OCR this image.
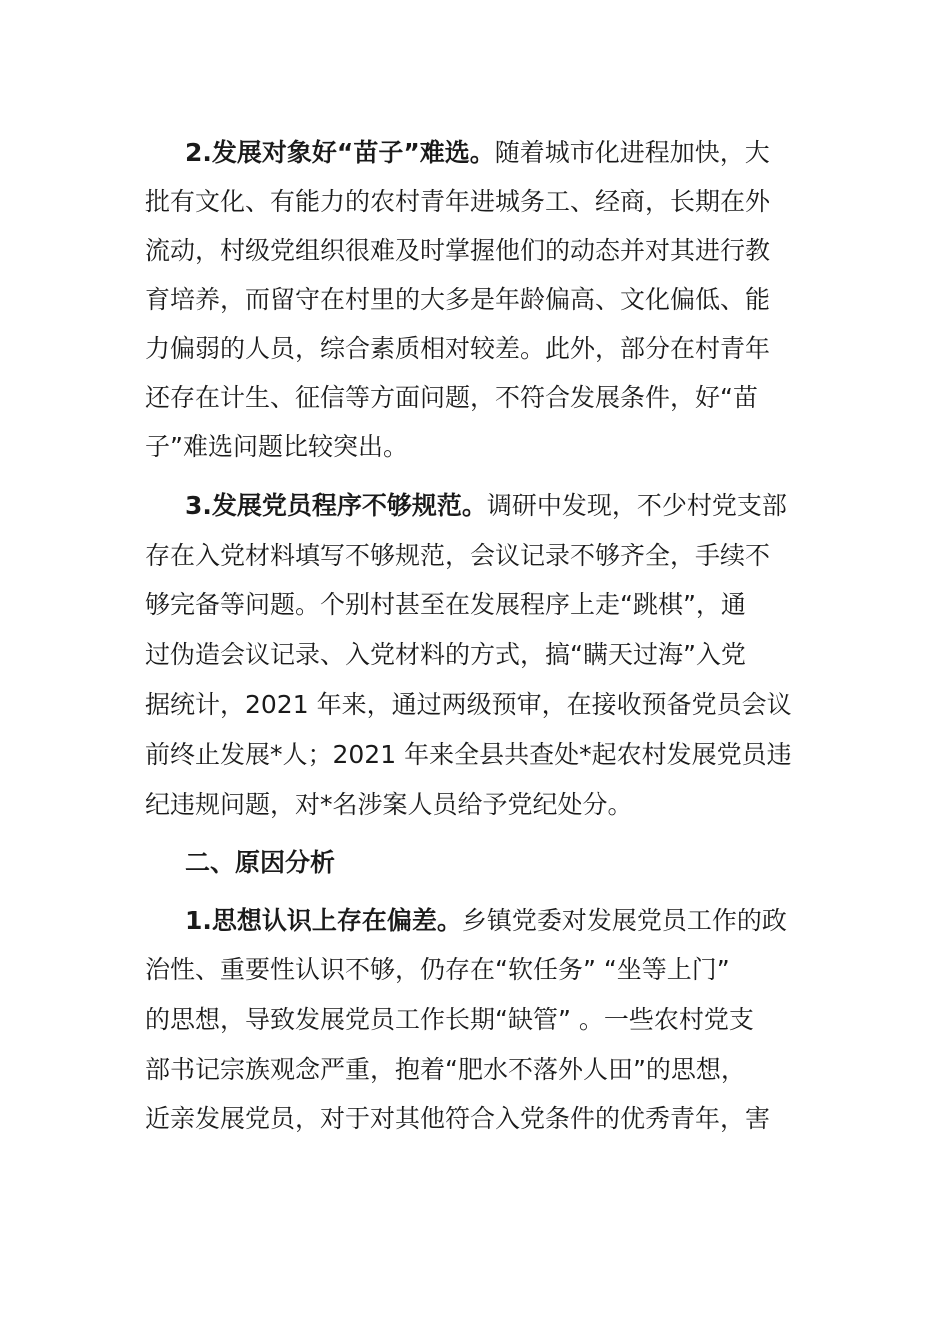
2.发展对象好“苗子”难选。随着城市化进程加快，大
批有文化、有能力的农村青年进城务工、经商，长期在外
流动，村级党组织很难及时掌握他们的动态并对其进行教
育培养，而留守在村里的大多是年龄偏高、文化偏低、能
力偏弱的人员，综合素质相对较差。此外，部分在村青年
还存在计生、征信等方面问题，不符合发展条件，好“苗
子”难选问题比较突出。
3.发展党员程序不够规范。调研中发现，不少村党支部
存在入党材料填写不够规范，会议记录不够齐全，手续不
够完备等问题。个别村甚至在发展程序上走“跳棋”，通
过伪造会议记录、入党材料的方式，搞“瞒天过海”入党
据统计，2021 年来，通过两级预审，在接收预备党员会议
前终止发展*人；2021 年来全县共查处*起农村发展党员违
纪违规问题，对*名涉案人员给予党纪处分。
二、原因分析
1.思想认识上存在偏差。乡镇党委对发展党员工作的政
治性、重要性认识不够，仍存在“软任务” “坐等上门”
的思想，导致发展党员工作长期“缺管” 。一些农村党支
部书记宗族观念严重，抱着“肥水不落外人田”的思想，
近亲发展党员，对于对其他符合入党条件的优秀青年，害
